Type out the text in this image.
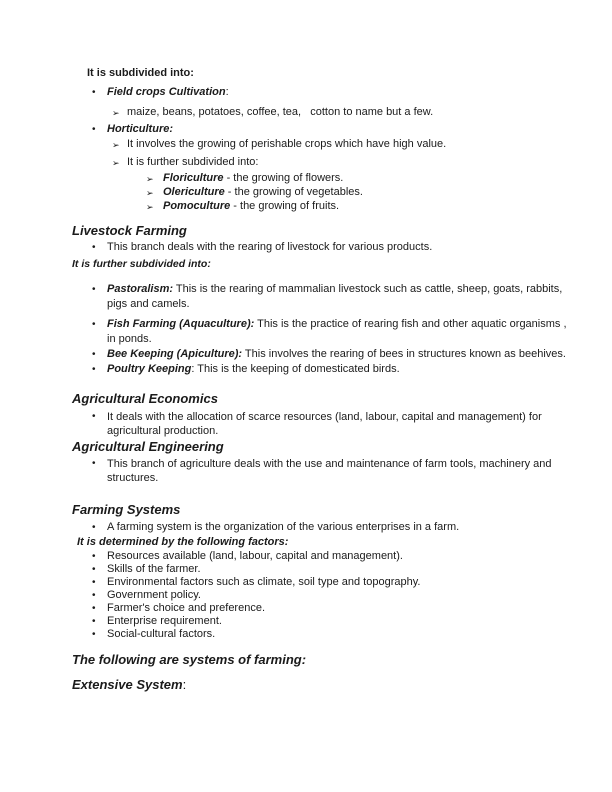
It is subdivided into:
•	Field crops Cultivation:
➢ maize, beans, potatoes, coffee, tea,   cotton to name but a few.
•	Horticulture:
➢ It involves the growing of perishable crops which have high value.
➢ It is further subdivided into:
➢ Floriculture - the growing of flowers.
➢ Olericulture - the growing of vegetables.
➢ Pomoculture - the growing of fruits.
Livestock Farming
•	This branch deals with the rearing of livestock for various products.
It is further subdivided into:
•	Pastoralism: This is the rearing of mammalian livestock such as cattle, sheep, goats, rabbits, pigs and camels.
•	Fish Farming (Aquaculture): This is the practice of rearing fish and other aquatic organisms , in ponds.
•	Bee Keeping (Apiculture): This involves the rearing of bees in structures known as beehives.
•	Poultry Keeping: This is the keeping of domesticated birds.
Agricultural Economics
•	It deals with the allocation of scarce resources (land, labour, capital and management) for agricultural production.
Agricultural Engineering
•	This branch of agriculture deals with the use and maintenance of farm tools, machinery and structures.
Farming Systems
•	A farming system is the organization of the various enterprises in a farm.
It is determined by the following factors:
•	Resources available (land, labour, capital and management).
•	Skills of the farmer.
•	Environmental factors such as climate, soil type and topography.
•	Government policy.
•	Farmer's choice and preference.
•	Enterprise requirement.
•	Social-cultural factors.
The following are systems of farming:
Extensive System:
